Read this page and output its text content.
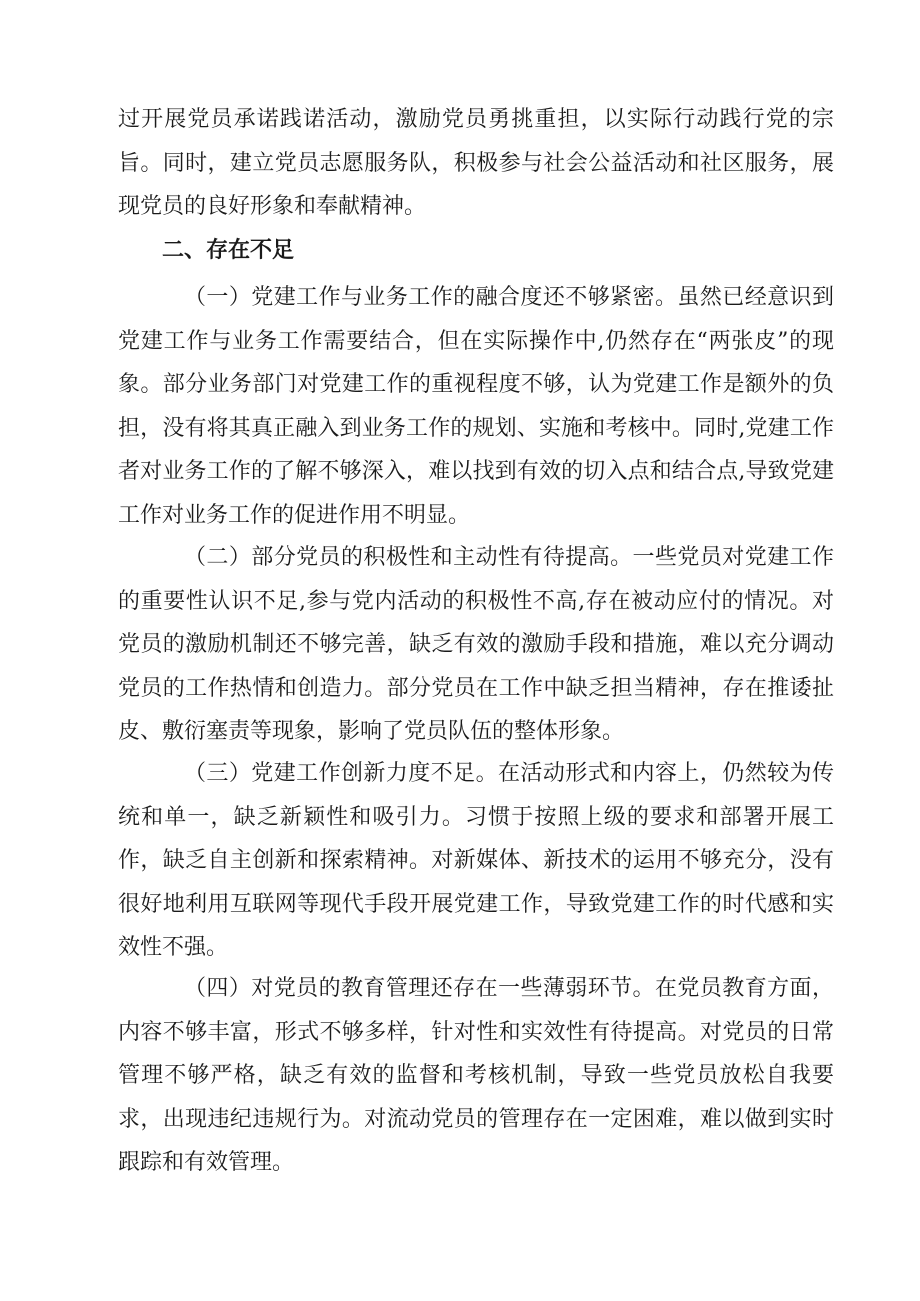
过开展党员承诺践诺活动，激励党员勇挑重担，以实际行动践行党的宗旨。同时，建立党员志愿服务队，积极参与社会公益活动和社区服务，展现党员的良好形象和奉献精神。

二、存在不足

（一）党建工作与业务工作的融合度还不够紧密。虽然已经意识到党建工作与业务工作需要结合，但在实际操作中,仍然存在“两张皮”的现象。部分业务部门对党建工作的重视程度不够，认为党建工作是额外的负担，没有将其真正融入到业务工作的规划、实施和考核中。同时,党建工作者对业务工作的了解不够深入，难以找到有效的切入点和结合点,导致党建工作对业务工作的促进作用不明显。

（二）部分党员的积极性和主动性有待提高。一些党员对党建工作的重要性认识不足,参与党内活动的积极性不高,存在被动应付的情况。对党员的激励机制还不够完善，缺乏有效的激励手段和措施，难以充分调动党员的工作热情和创造力。部分党员在工作中缺乏担当精神，存在推诿扯皮、敷衍塞责等现象，影响了党员队伍的整体形象。

（三）党建工作创新力度不足。在活动形式和内容上，仍然较为传统和单一，缺乏新颖性和吸引力。习惯于按照上级的要求和部署开展工作，缺乏自主创新和探索精神。对新媒体、新技术的运用不够充分，没有很好地利用互联网等现代手段开展党建工作，导致党建工作的时代感和实效性不强。

（四）对党员的教育管理还存在一些薄弱环节。在党员教育方面，内容不够丰富，形式不够多样，针对性和实效性有待提高。对党员的日常管理不够严格，缺乏有效的监督和考核机制，导致一些党员放松自我要求，出现违纪违规行为。对流动党员的管理存在一定困难，难以做到实时跟踪和有效管理。
